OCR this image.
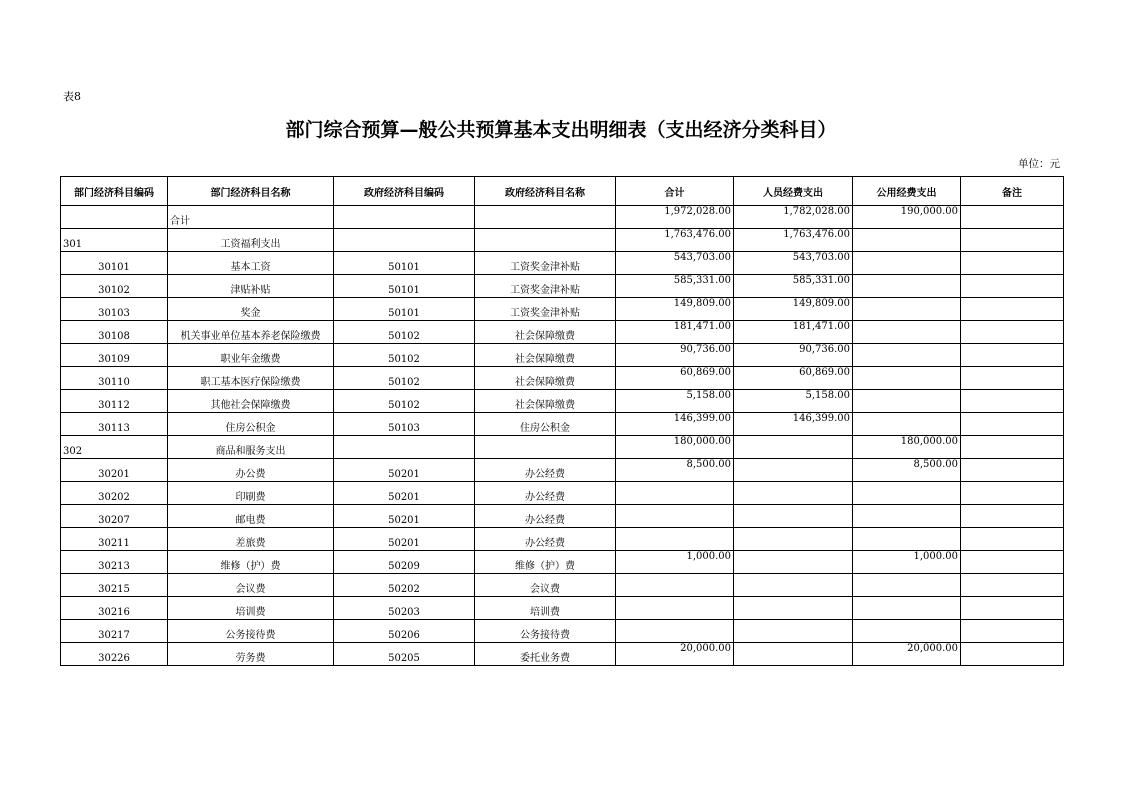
表8
部门综合预算—般公共预算基本支出明细表（支出经济分类科目）
单位：元
部门经济科目编码	部门经济科目名称	政府经济科目编码	政府经济科目名称	合计	人员经费支出	公用经费支出	备注
	合计			1,972,028.00	1,782,028.00	190,000.00	
301	工资福利支出			1,763,476.00	1,763,476.00		
30101	基本工资	50101	工资奖金津补贴	543,703.00	543,703.00		
30102	津贴补贴	50101	工资奖金津补贴	585,331.00	585,331.00		
30103	奖金	50101	工资奖金津补贴	149,809.00	149,809.00		
30108	机关事业单位基本养老保险缴费	50102	社会保障缴费	181,471.00	181,471.00		
30109	职业年金缴费	50102	社会保障缴费	90,736.00	90,736.00		
30110	职工基本医疗保险缴费	50102	社会保障缴费	60,869.00	60,869.00		
30112	其他社会保障缴费	50102	社会保障缴费	5,158.00	5,158.00		
30113	住房公积金	50103	住房公积金	146,399.00	146,399.00		
302	商品和服务支出			180,000.00		180,000.00	
30201	办公费	50201	办公经费	8,500.00		8,500.00	
30202	印刷费	50201	办公经费				
30207	邮电费	50201	办公经费				
30211	差旅费	50201	办公经费				
30213	维修（护）费	50209	维修（护）费	1,000.00		1,000.00	
30215	会议费	50202	会议费				
30216	培训费	50203	培训费				
30217	公务接待费	50206	公务接待费				
30226	劳务费	50205	委托业务费	20,000.00		20,000.00	
